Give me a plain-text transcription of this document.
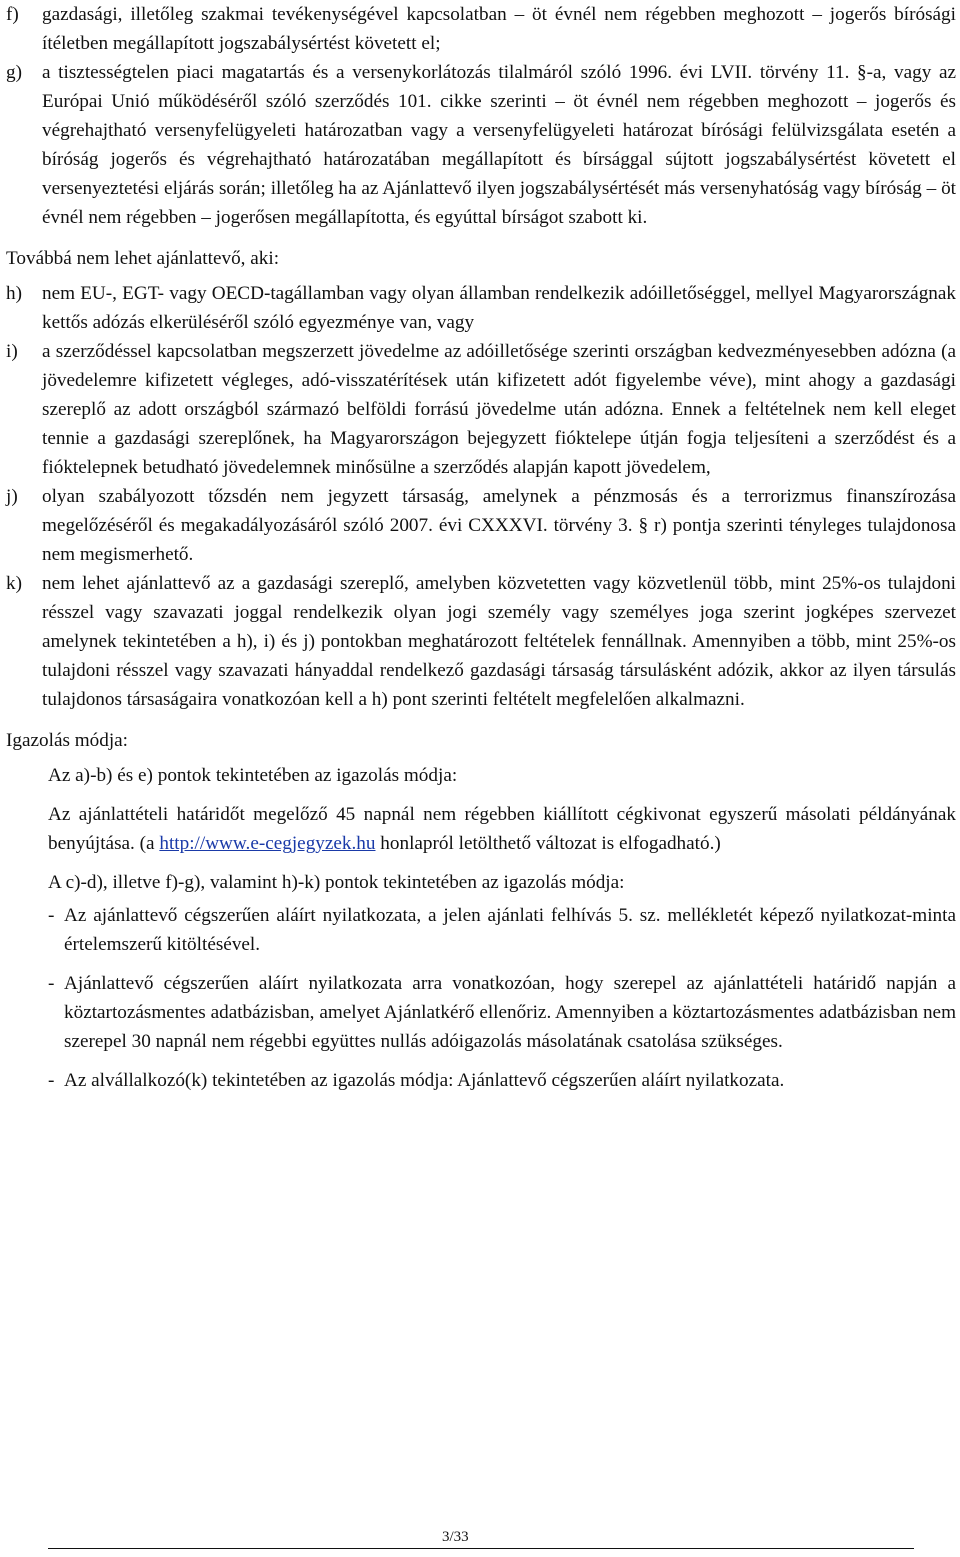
f)	gazdasági, illetőleg szakmai tevékenységével kapcsolatban – öt évnél nem régebben meghozott – jogerős bírósági ítéletben megállapított jogszabálysértést követett el;
g)	a tisztességtelen piaci magatartás és a versenykorlátozás tilalmáról szóló 1996. évi LVII. törvény 11. §-a, vagy az Európai Unió működéséről szóló szerződés 101. cikke szerinti – öt évnél nem régebben meghozott – jogerős és végrehajtható versenyfelügyeleti határozatban vagy a versenyfelügyeleti határozat bírósági felülvizsgálata esetén a bíróság jogerős és végrehajtható határozatában megállapított és bírsággal sújtott jogszabálysértést követett el versenyeztetési eljárás során; illetőleg ha az Ajánlattevő ilyen jogszabálysértését más versenyhatóság vagy bíróság – öt évnél nem régebben – jogerősen megállapította, és egyúttal bírságot szabott ki.

Továbbá nem lehet ajánlattevő, aki:

h)	nem EU-, EGT- vagy OECD-tagállamban vagy olyan államban rendelkezik adóilletőséggel, mellyel Magyarországnak kettős adózás elkerüléséről szóló egyezménye van, vagy
i)	a szerződéssel kapcsolatban megszerzett jövedelme az adóilletősége szerinti országban kedvezményesebben adózna (a jövedelemre kifizetett végleges, adó-visszatérítések után kifizetett adót figyelembe véve), mint ahogy a gazdasági szereplő az adott országból származó belföldi forrású jövedelme után adózna. Ennek a feltételnek nem kell eleget tennie a gazdasági szereplőnek, ha Magyarországon bejegyzett fióktelepe útján fogja teljesíteni a szerződést és a fióktelepnek betudható jövedelemnek minősülne a szerződés alapján kapott jövedelem,
j)	olyan szabályozott tőzsdén nem jegyzett társaság, amelynek a pénzmosás és a terrorizmus finanszírozása megelőzéséről és megakadályozásáról szóló 2007. évi CXXXVI. törvény 3. § r) pontja szerinti tényleges tulajdonosa nem megismerhető.
k)	nem lehet ajánlattevő az a gazdasági szereplő, amelyben közvetetten vagy közvetlenül több, mint 25%-os tulajdoni résszel vagy szavazati joggal rendelkezik olyan jogi személy vagy személyes joga szerint jogképes szervezet amelynek tekintetében a h), i) és j) pontokban meghatározott feltételek fennállnak. Amennyiben a több, mint 25%-os tulajdoni résszel vagy szavazati hányaddal rendelkező gazdasági társaság társulásként adózik, akkor az ilyen társulás tulajdonos társaságaira vonatkozóan kell a h) pont szerinti feltételt megfelelően alkalmazni.

Igazolás módja:

Az a)-b) és e) pontok tekintetében az igazolás módja:

Az ajánlattételi határidőt megelőző 45 napnál nem régebben kiállított cégkivonat egyszerű másolati példányának benyújtása. (a http://www.e-cegjegyzek.hu honlapról letölthető változat is elfogadható.)

A c)-d), illetve f)-g), valamint h)-k) pontok tekintetében az igazolás módja:

- Az ajánlattevő cégszerűen aláírt nyilatkozata, a jelen ajánlati felhívás 5. sz. mellékletét képező nyilatkozat-minta értelemszerű kitöltésével.
- Ajánlattevő cégszerűen aláírt nyilatkozata arra vonatkozóan, hogy szerepel az ajánlattételi határidő napján a köztartozásmentes adatbázisban, amelyet Ajánlatkérő ellenőriz. Amennyiben a köztartozásmentes adatbázisban nem szerepel 30 napnál nem régebbi együttes nullás adóigazolás másolatának csatolása szükséges.
- Az alvállalkozó(k) tekintetében az igazolás módja: Ajánlattevő cégszerűen aláírt nyilatkozata.
3/33
